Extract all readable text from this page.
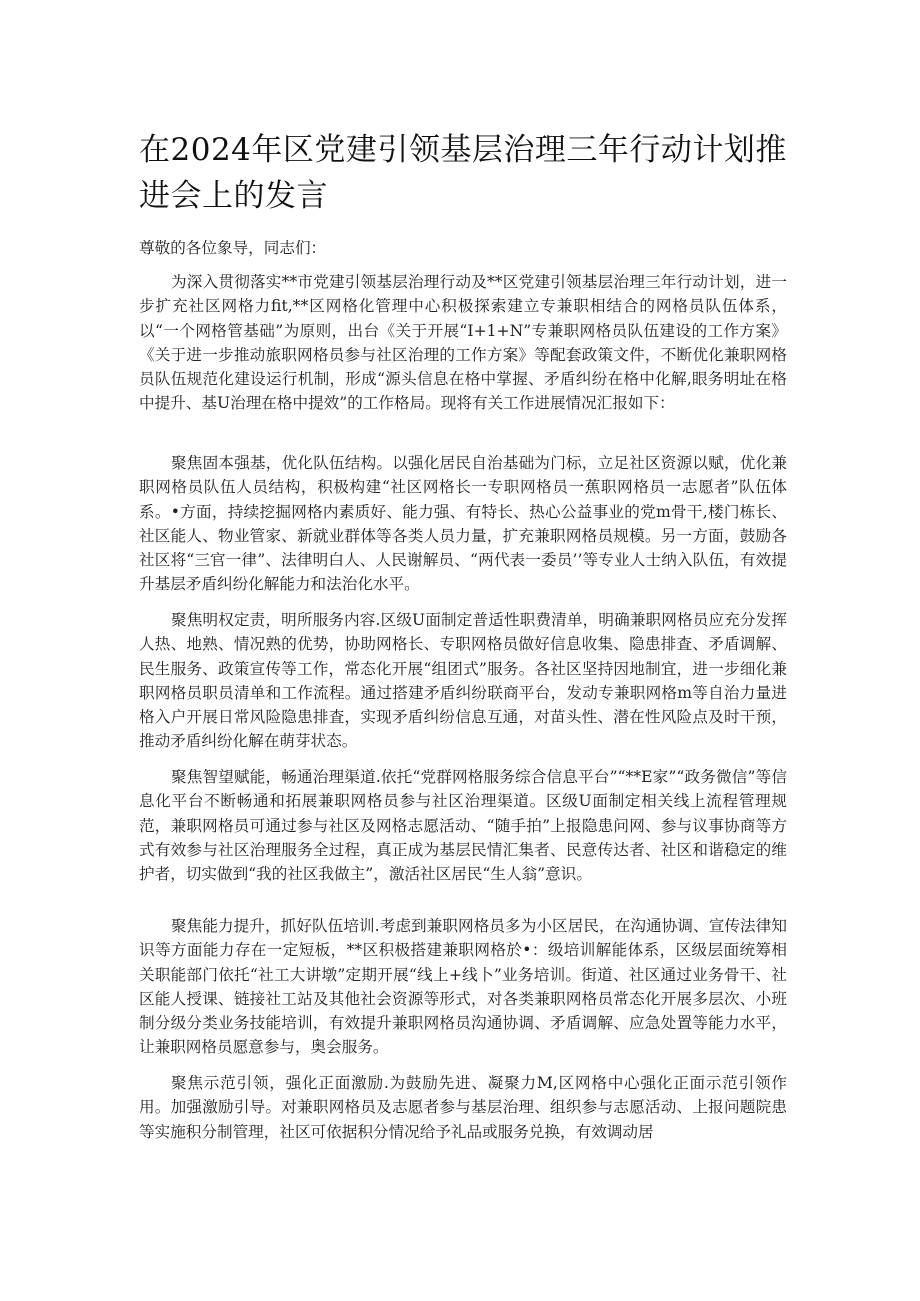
在2024年区党建引领基层治理三年行动计划推进会上的发言

尊敬的各位象导，同志们：

为深入贯彻落实**市党建引领基层治理行动及**区党建引领基层治理三年行动计划，进一步扩充社区网格力fit,**区网格化管理中心积极探索建立专兼职相结合的网格员队伍体系，以“一个网格管基础”为原则，出台《关于开展“I+1+N”专兼职网格员队伍建设的工作方案》《关于进一步推动旅职网格员参与社区治理的工作方案》等配套政策文件，不断优化兼职网格员队伍规范化建设运行机制，形成“源头信息在格中掌握、矛盾纠纷在格中化解,眼务明址在格中提升、基U治理在格中提效”的工作格局。现将有关工作进展情况汇报如下：

聚焦固本强基，优化队伍结构。以强化居民自治基础为门标，立足社区资源以赋，优化兼职网格员队伍人员结构，积极构建“社区网格长一专职网格员一蕉职网格员一志愿者”队伍体系。•方面，持续挖掘网格内素质好、能力强、有特长、热心公益事业的党m骨干,楼门栋长、社区能人、物业管家、新就业群体等各类人员力量，扩充兼职网格员规模。另一方面，鼓励各社区将“三官一律”、法律明白人、人民谢解员、“两代表一委员’’等专业人士纳入队伍，有效提升基层矛盾纠纷化解能力和法治化水平。

聚焦明权定责，明所服务内容.区级U面制定普适性职费清单，明确兼职网格员应充分发挥人热、地熟、情况熟的优势，协助网格长、专职网格员做好信息收集、隐患排査、矛盾调解、民生服务、政策宣传等工作，常态化开展“组团式”服务。各社区坚持因地制宜，进一步细化兼职网格员职员清单和工作流程。通过搭建矛盾纠纷联商平台，发动专兼职网格m等自治力量进格入户开展日常风险隐患排査，实现矛盾纠纷信息互通，对苗头性、潜在性风险点及时干预，推动矛盾纠纷化解在萌芽状态。

聚焦智望赋能，畅通治理渠道.依托“党群网格服务综合信息平台”“**E家”“政务微信”等信息化平台不断畅通和拓展兼职网格员参与社区治理渠道。区级U面制定相关线上流程管理规范，兼职网格员可通过参与社区及网格志愿活动、“随手拍”上报隐患问网、参与议事协商等方式有效参与社区治理服务全过程，真正成为基层民情汇集者、民意传达者、社区和谐稳定的维护者，切实做到“我的社区我做主”，激活社区居民“生人翁”意识。

聚焦能力提升，抓好队伍培训.考虑到兼职网格员多为小区居民，在沟通协调、宣传法律知识等方面能力存在一定短板，**区积极搭建兼职网格於•：级培训解能体系，区级层面统筹相关职能部门依托“社工大讲墩”定期开展“线上+线卜”业务培训。街道、社区通过业务骨干、社区能人授课、链接社工站及其他社会资源等形式，对各类兼职网格员常态化开展多层次、小班制分级分类业务技能培训，有效提升兼职网格员沟通协调、矛盾调解、应急处置等能力水平，让兼职网格员愿意参与，奥会服务。

聚焦示范引领，强化正面激励.为鼓励先进、凝聚力M,区网格中心强化正面示范引领作用。加强激励引导。对兼职网格员及志愿者参与基层治理、组织参与志愿活动、上报问题院患等实施积分制管理，社区可依据积分情况给予礼品或服务兑换，有效调动居
